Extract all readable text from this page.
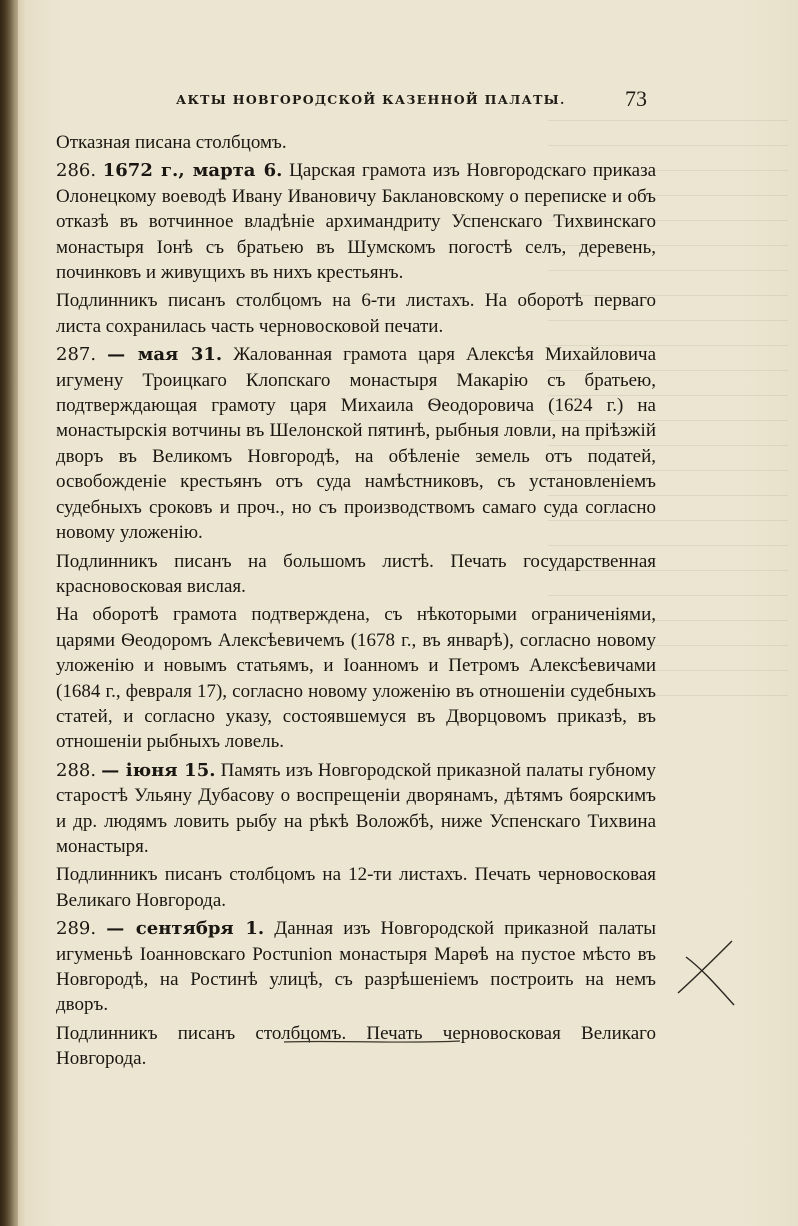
АКТЫ НОВГОРОДСКОЙ КАЗЕННОЙ ПАЛАТЫ.	73

Отказная писана столбцомъ.

286. 1672 г., марта 6. Царская грамота изъ Новгородскаго приказа Олонецкому воеводѣ Ивану Ивановичу Баклановскому о переписке и объ отказѣ въ вотчинное владѣніе архимандриту Успенскаго Тихвинскаго монастыря Іонѣ съ братьею въ Шумскомъ погостѣ селъ, деревень, починковъ и живущихъ въ нихъ крестьянъ.

Подлинникъ писанъ столбцомъ на 6-ти листахъ. На оборотѣ перваго листа сохранилась часть черновосковой печати.

287. — мая 31. Жалованная грамота царя Алексѣя Михайловича игумену Троицкаго Клопскаго монастыря Макарію съ братьею, подтверждающая грамоту царя Михаила Ѳеодоровича (1624 г.) на монастырскія вотчины въ Шелонской пятинѣ, рыбныя ловли, на пріѣзжій дворъ въ Великомъ Новгородѣ, на обѣленіе земель отъ податей, освобожденіе крестьянъ отъ суда намѣстниковъ, съ установленіемъ судебныхъ сроковъ и проч., но съ производствомъ самаго суда согласно новому уложенію.

Подлинникъ писанъ на большомъ листѣ. Печать государственная красновосковая вислая.

На оборотѣ грамота подтверждена, съ нѣкоторыми ограниченіями, царями Ѳеодоромъ Алексѣевичемъ (1678 г., въ январѣ), согласно новому уложенію и новымъ статьямъ, и Іоанномъ и Петромъ Алексѣевичами (1684 г., февраля 17), согласно новому уложенію въ отношеніи судебныхъ статей, и согласно указу, состоявшемуся въ Дворцовомъ приказѣ, въ отношеніи рыбныхъ ловель.

288. — іюня 15. Память изъ Новгородской приказной палаты губному старостѣ Ульяну Дубасову о воспрещеніи дворянамъ, дѣтямъ боярскимъ и др. людямъ ловить рыбу на рѣкѣ Воложбѣ, ниже Успенскаго Тихвина монастыря.

Подлинникъ писанъ столбцомъ на 12-ти листахъ. Печать черновосковая Великаго Новгорода.

289. — сентября 1. Данная изъ Новгородской приказной палаты игуменьѣ Іоанновскаго Ростunion монастыря Марѳѣ на пустое мѣсто въ Новгородѣ, на Ростинѣ улицѣ, съ разрѣшеніемъ построить на немъ дворъ.

Подлинникъ писанъ столбцомъ. Печать черновосковая Великаго Новгорода.
